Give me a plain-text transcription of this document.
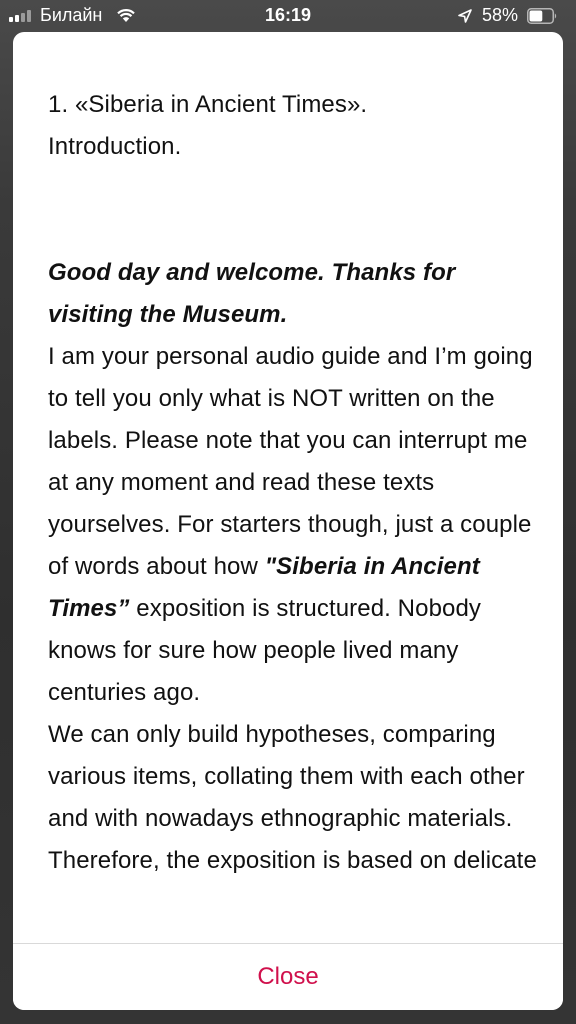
Билайн	16:19	58%

1. «Siberia in Ancient Times».
Introduction.

Good day and welcome. Thanks for visiting the Museum.
I am your personal audio guide and I’m going to tell you only what is NOT written on the labels. Please note that you can interrupt me at any moment and read these texts yourselves. For starters though, just a couple of words about how "Siberia in Ancient Times” exposition is structured. Nobody knows for sure how people lived many centuries ago.

We can only build hypotheses, comparing various items, collating them with each other and with nowadays ethnographic materials. Therefore, the exposition is based on delicate

Close
